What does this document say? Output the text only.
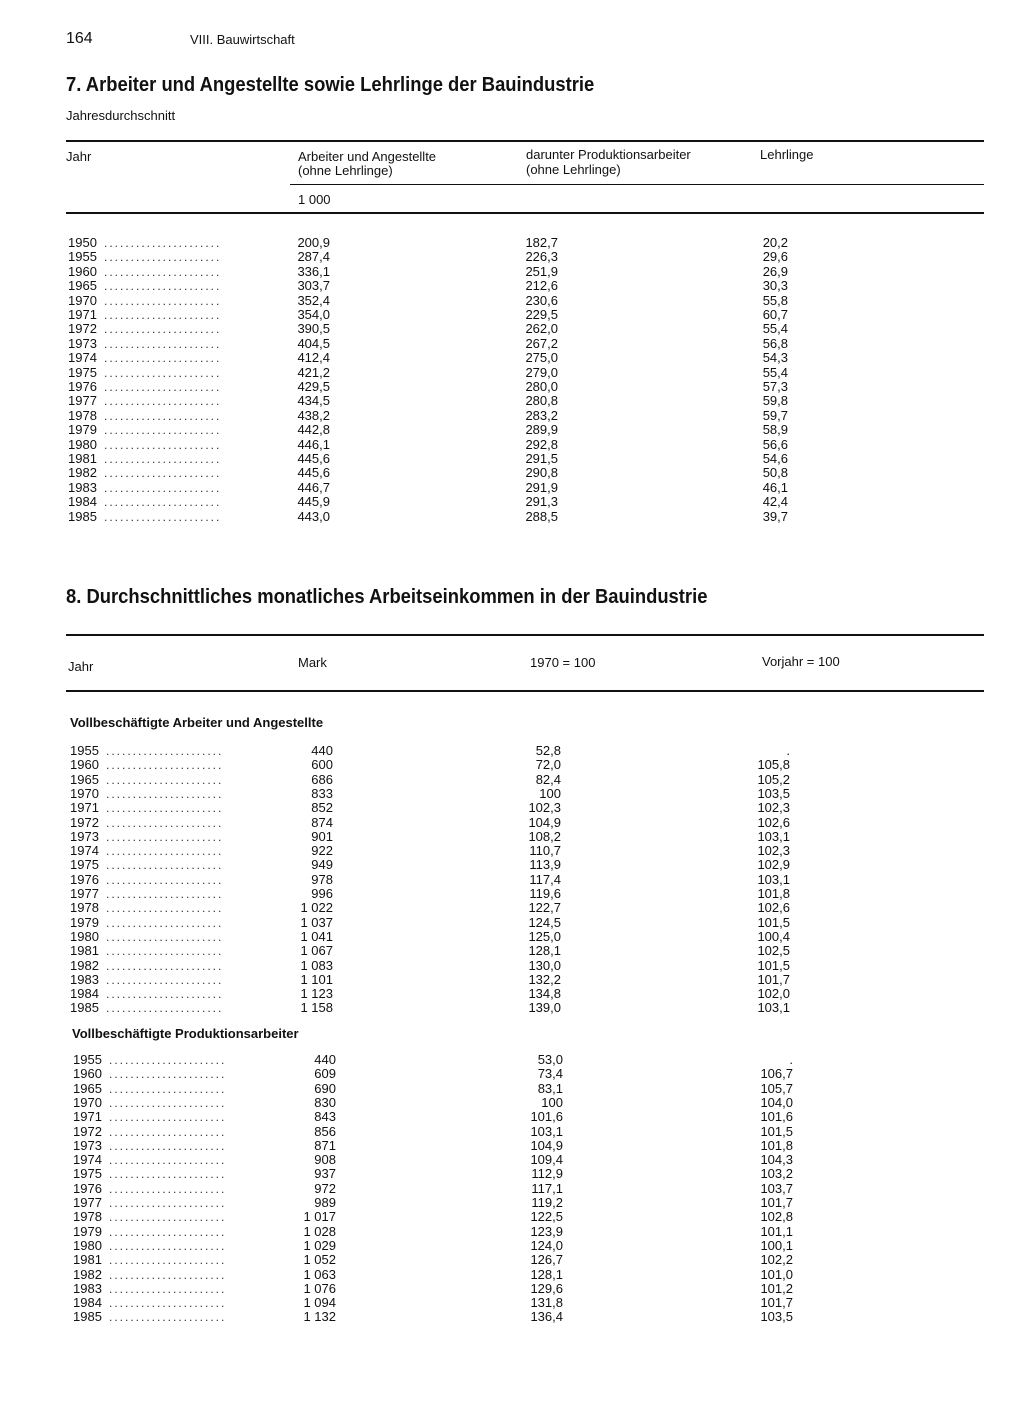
164	VIII. Bauwirtschaft
7. Arbeiter und Angestellte sowie Lehrlinge der Bauindustrie
Jahresdurchschnitt
Jahr	Arbeiter und Angestellte
(ohne Lehrlinge)
darunter Produktionsarbeiter
(ohne Lehrlinge)
Lehrlinge
1 000
1950 ......................	200,9	182,7	20,2
1955 ......................	287,4	226,3	29,6
1960 ......................	336,1	251,9	26,9
1965 ......................	303,7	212,6	30,3
1970 ......................	352,4	230,6	55,8
1971 ......................	354,0	229,5	60,7
1972 ......................	390,5	262,0	55,4
1973 ......................	404,5	267,2	56,8
1974 ......................	412,4	275,0	54,3
1975 ......................	421,2	279,0	55,4
1976 ......................	429,5	280,0	57,3
1977 ......................	434,5	280,8	59,8
1978 ......................	438,2	283,2	59,7
1979 ......................	442,8	289,9	58,9
1980 ......................	446,1	292,8	56,6
1981 ......................	445,6	291,5	54,6
1982 ......................	445,6	290,8	50,8
1983 ......................	446,7	291,9	46,1
1984 ......................	445,9	291,3	42,4
1985 ......................	443,0	288,5	39,7
8. Durchschnittliches monatliches Arbeitseinkommen in der Bauindustrie
Jahr	Mark	1970 = 100	Vorjahr = 100
Vollbeschäftigte Arbeiter und Angestellte
1955 ......................	440	52,8	.
1960 ......................	600	72,0	105,8
1965 ......................	686	82,4	105,2
1970 ......................	833	100	103,5
1971 ......................	852	102,3	102,3
1972 ......................	874	104,9	102,6
1973 ......................	901	108,2	103,1
1974 ......................	922	110,7	102,3
1975 ......................	949	113,9	102,9
1976 ......................	978	117,4	103,1
1977 ......................	996	119,6	101,8
1978 ......................	1 022	122,7	102,6
1979 ......................	1 037	124,5	101,5
1980 ......................	1 041	125,0	100,4
1981 ......................	1 067	128,1	102,5
1982 ......................	1 083	130,0	101,5
1983 ......................	1 101	132,2	101,7
1984 ......................	1 123	134,8	102,0
1985 ......................	1 158	139,0	103,1
Vollbeschäftigte Produktionsarbeiter
1955 ......................	440	53,0	.
1960 ......................	609	73,4	106,7
1965 ......................	690	83,1	105,7
1970 ......................	830	100	104,0
1971 ......................	843	101,6	101,6
1972 ......................	856	103,1	101,5
1973 ......................	871	104,9	101,8
1974 ......................	908	109,4	104,3
1975 ......................	937	112,9	103,2
1976 ......................	972	117,1	103,7
1977 ......................	989	119,2	101,7
1978 ......................	1 017	122,5	102,8
1979 ......................	1 028	123,9	101,1
1980 ......................	1 029	124,0	100,1
1981 ......................	1 052	126,7	102,2
1982 ......................	1 063	128,1	101,0
1983 ......................	1 076	129,6	101,2
1984 ......................	1 094	131,8	101,7
1985 ......................	1 132	136,4	103,5
